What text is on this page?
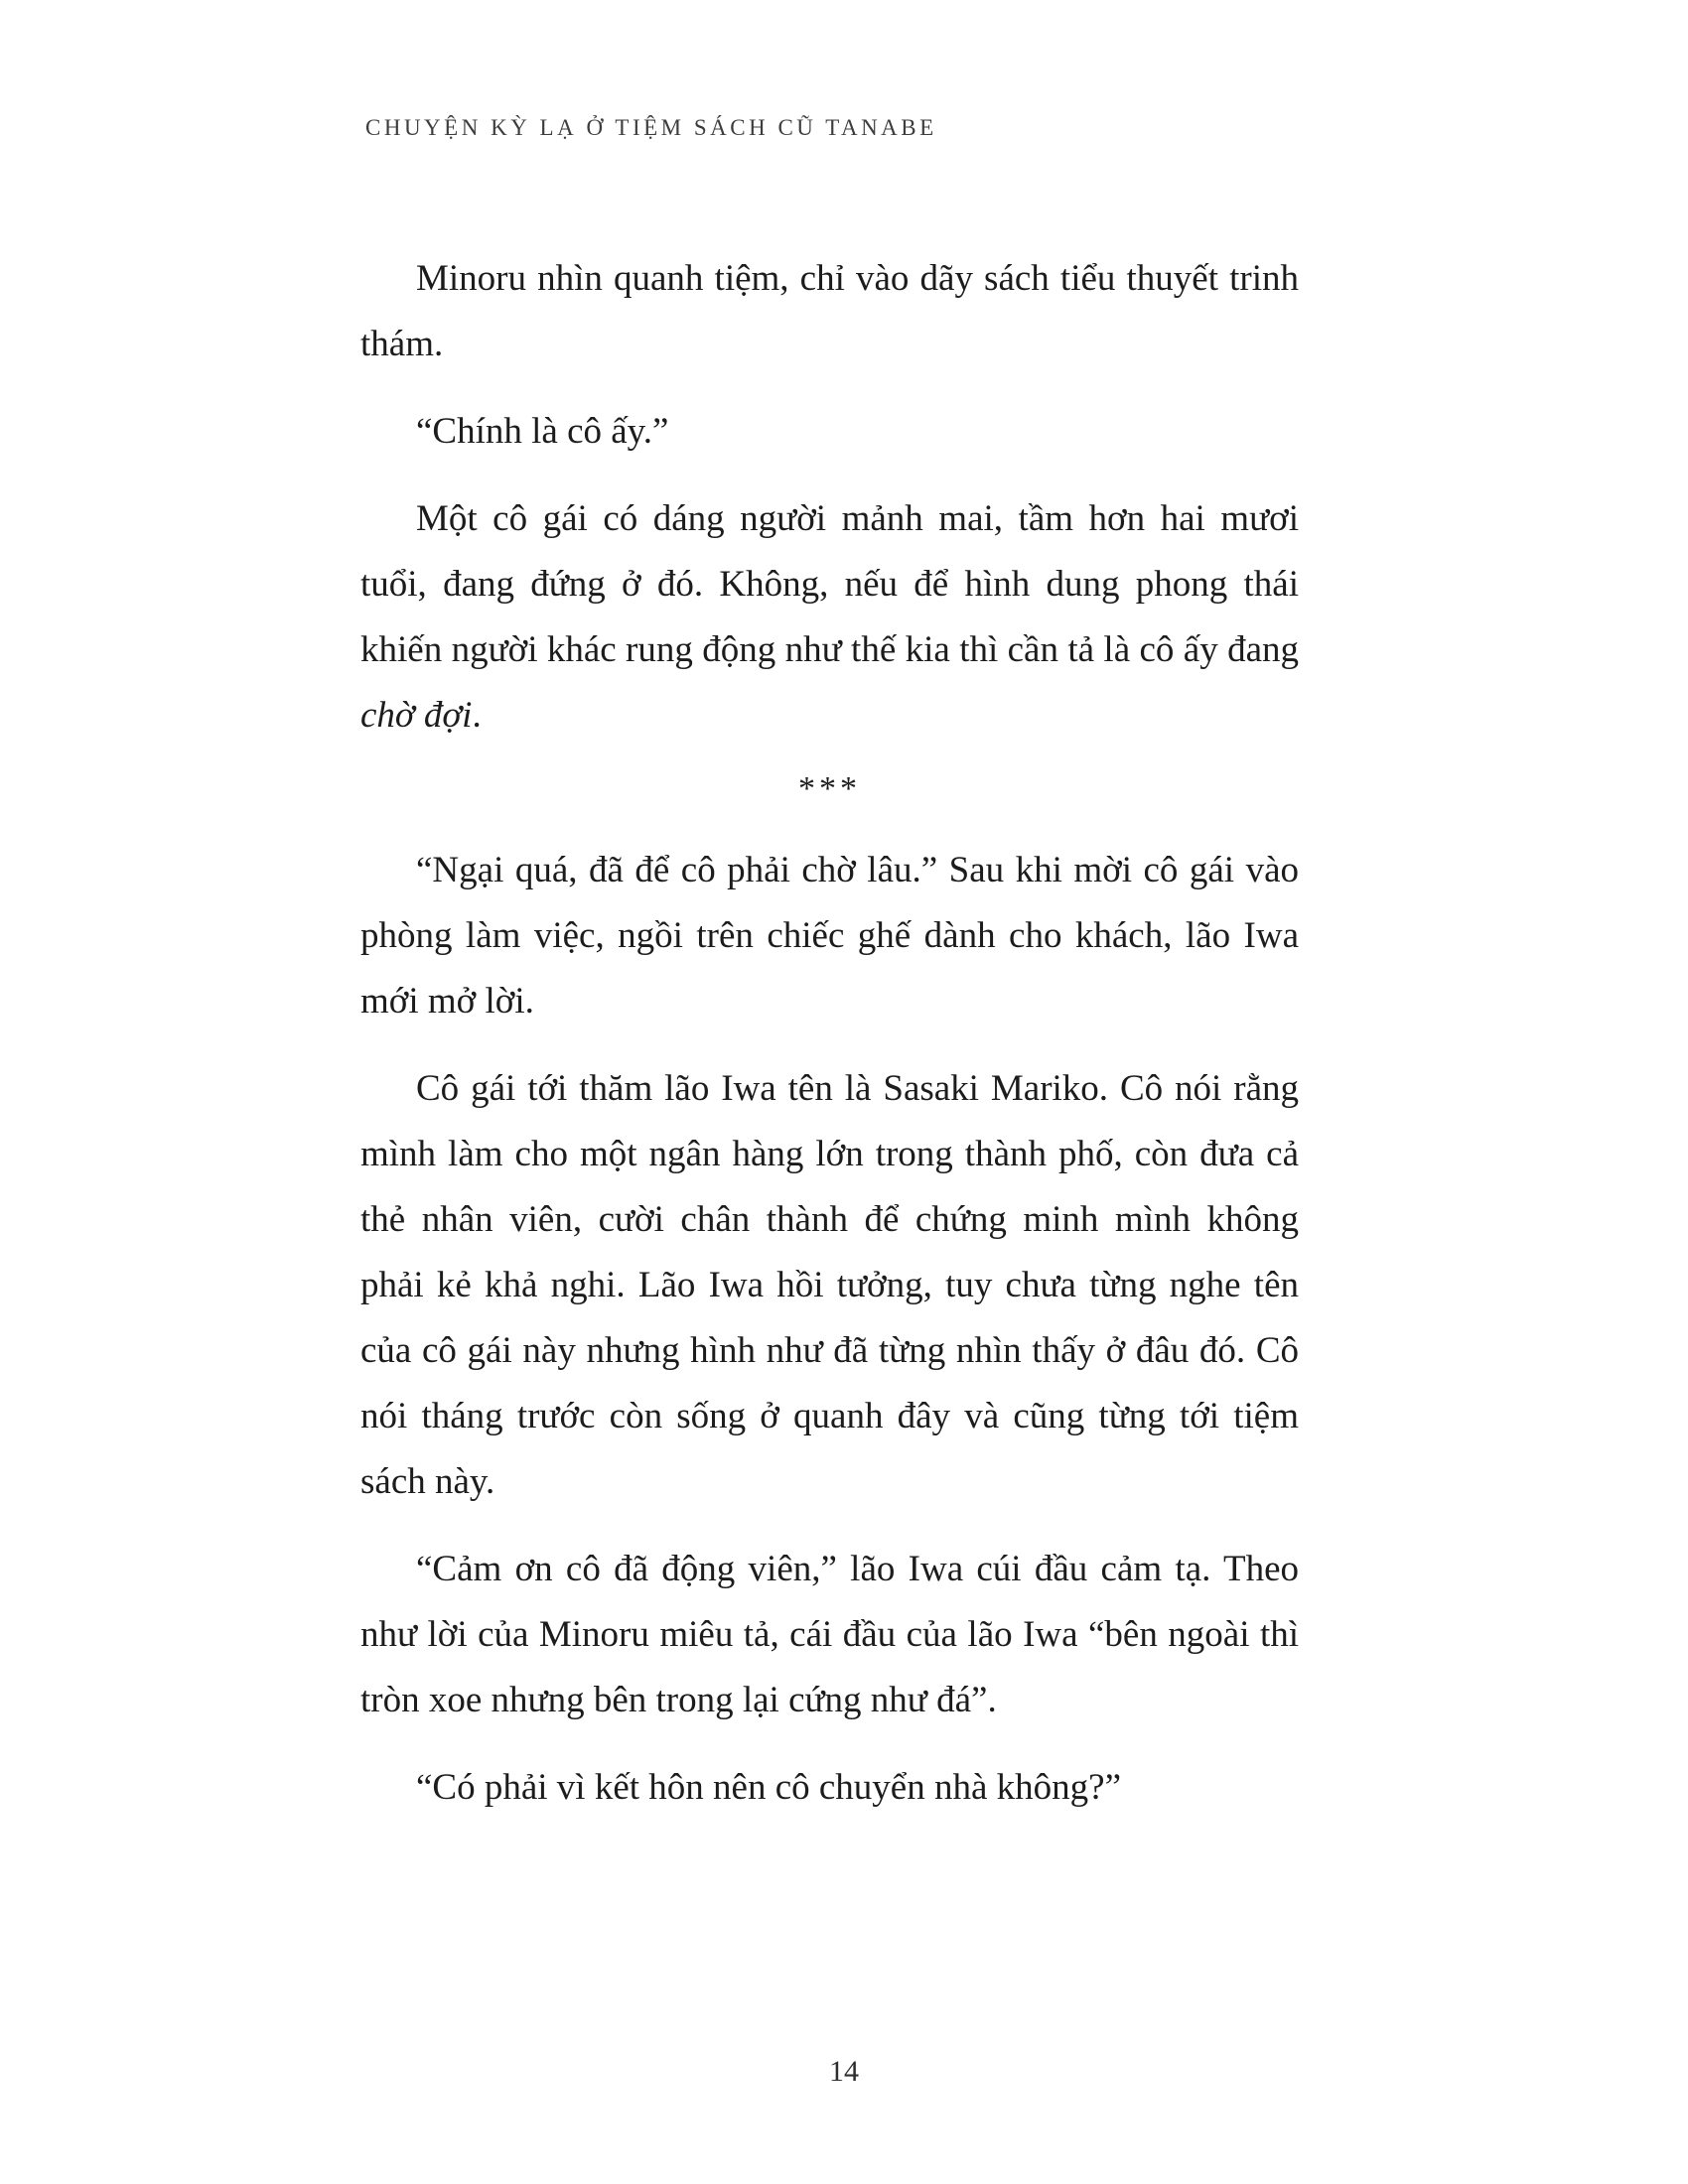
CHUYỆN KỲ LẠ Ở TIỆM SÁCH CŨ TANABE

Minoru nhìn quanh tiệm, chỉ vào dãy sách tiểu thuyết trinh thám.

“Chính là cô ấy.”

Một cô gái có dáng người mảnh mai, tầm hơn hai mươi tuổi, đang đứng ở đó. Không, nếu để hình dung phong thái khiến người khác rung động như thế kia thì cần tả là cô ấy đang chờ đợi.

***

“Ngại quá, đã để cô phải chờ lâu.” Sau khi mời cô gái vào phòng làm việc, ngồi trên chiếc ghế dành cho khách, lão Iwa mới mở lời.

Cô gái tới thăm lão Iwa tên là Sasaki Mariko. Cô nói rằng mình làm cho một ngân hàng lớn trong thành phố, còn đưa cả thẻ nhân viên, cười chân thành để chứng minh mình không phải kẻ khả nghi. Lão Iwa hồi tưởng, tuy chưa từng nghe tên của cô gái này nhưng hình như đã từng nhìn thấy ở đâu đó. Cô nói tháng trước còn sống ở quanh đây và cũng từng tới tiệm sách này.

“Cảm ơn cô đã động viên,” lão Iwa cúi đầu cảm tạ. Theo như lời của Minoru miêu tả, cái đầu của lão Iwa “bên ngoài thì tròn xoe nhưng bên trong lại cứng như đá”.

“Có phải vì kết hôn nên cô chuyển nhà không?”

14
